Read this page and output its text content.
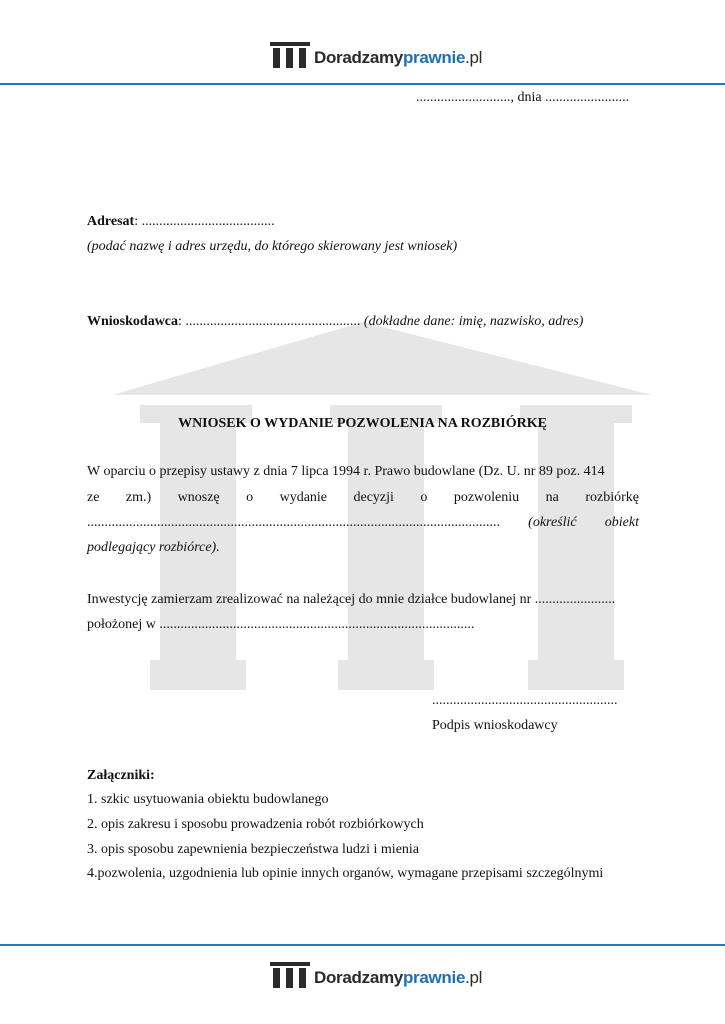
Doradzamy prawnie .pl
..........................., dnia ........................
Adresat: ......................................
(podać nazwę i adres urzędu, do którego skierowany jest wniosek)
Wnioskodawca: .................................................. (dokładne dane: imię, nazwisko, adres)
WNIOSEK O WYDANIE POZWOLENIA NA ROZBIÓRKĘ
W oparciu o przepisy ustawy z dnia 7 lipca 1994 r. Prawo budowlane (Dz. U. nr 89 poz. 414
ze zm.) wnoszę o wydanie decyzji o pozwoleniu na rozbiórkę
...................................................................................................................... (określić obiekt
podlegający rozbiórce).
Inwestycję zamierzam zrealizować na należącej do mnie działce budowlanej nr .......................
położonej w ..........................................................................................
.....................................................
Podpis wnioskodawcy
Załączniki:
1. szkic usytuowania obiektu budowlanego
2. opis zakresu i sposobu prowadzenia robót rozbiórkowych
3. opis sposobu zapewnienia bezpieczeństwa ludzi i mienia
4.pozwolenia, uzgodnienia lub opinie innych organów, wymagane przepisami szczególnymi
Doradzamy prawnie .pl
